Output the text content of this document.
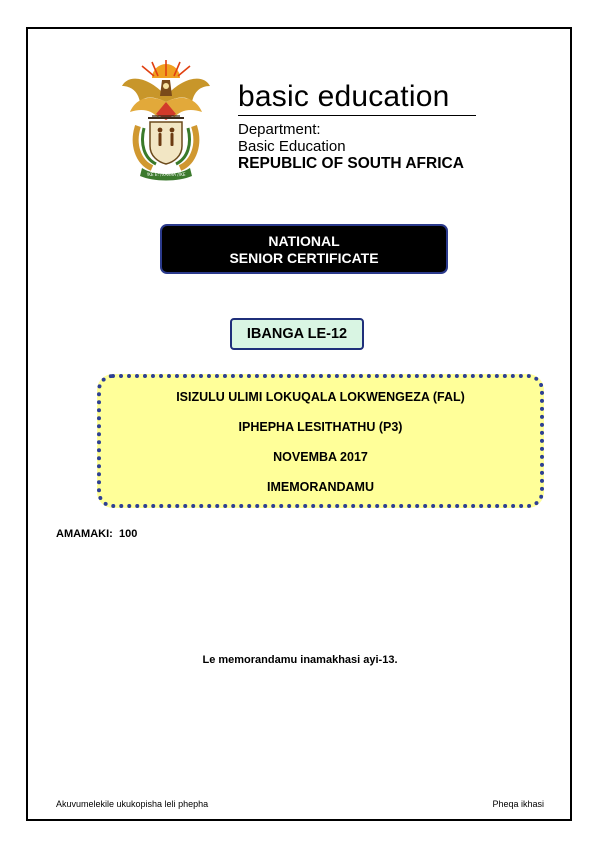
!KE E: /XARRA //KE
basic education
Department:
Basic Education
REPUBLIC OF SOUTH AFRICA
NATIONAL
SENIOR CERTIFICATE
IBANGA LE-12
ISIZULU ULIMI LOKUQALA LOKWENGEZA (FAL)
IPHEPHA LESITHATHU (P3)
NOVEMBA 2017
IMEMORANDAMU
AMAMAKI: 100
Le memorandamu inamakhasi ayi-13.
Akuvumelekile ukukopisha leli phepha	Pheqa ikhasi
